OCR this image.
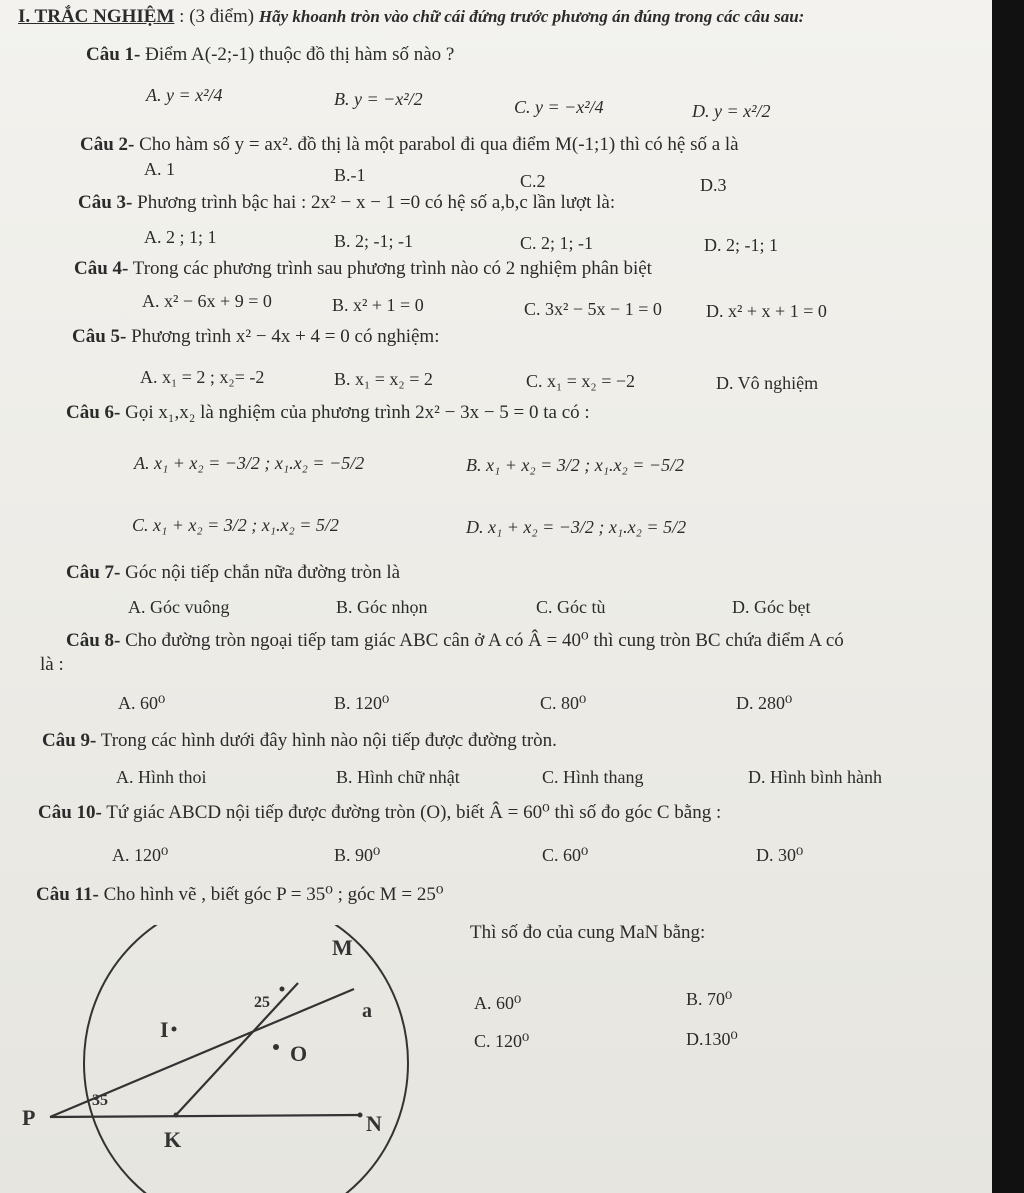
I. TRẮC NGHIỆM : (3 điểm) Hãy khoanh tròn vào chữ cái đứng trước phương án đúng trong các câu sau:
Câu 1- Điểm A(-2;-1) thuộc đồ thị hàm số nào ?
A. y = x²/4	B. y = −x²/2	C. y = −x²/4	D. y = x²/2
Câu 2- Cho hàm số y = ax². đồ thị là một parabol đi qua điểm M(-1;1) thì có hệ số a là
A. 1	B.-1	C.2	D.3
Câu 3- Phương trình bậc hai : 2x² − x − 1 =0 có hệ số a,b,c lần lượt là:
A. 2 ; 1; 1	B. 2; -1; -1	C. 2; 1; -1	D. 2; -1; 1
Câu 4- Trong các phương trình sau phương trình nào có 2 nghiệm phân biệt
A. x² − 6x + 9 = 0	B. x² + 1 = 0	C. 3x² − 5x − 1 = 0 D. x² + x + 1 = 0
Câu 5- Phương trình x² − 4x + 4 = 0 có nghiệm:
A. x₁ = 2 ; x₂= -2	B. x₁ = x₂ = 2	C. x₁ = x₂ = −2	D. Vô nghiệm
Câu 6- Gọi x₁,x₂ là nghiệm của phương trình 2x² − 3x − 5 = 0 ta có :
A. x₁ + x₂ = −3/2 ; x₁.x₂ = −5/2	B. x₁ + x₂ = 3/2 ; x₁.x₂ = −5/2
C. x₁ + x₂ = 3/2 ; x₁.x₂ = 5/2	D. x₁ + x₂ = −3/2 ; x₁.x₂ = 5/2
Câu 7- Góc nội tiếp chắn nữa đường tròn là
A. Góc vuông	B. Góc nhọn	C. Góc tù	D. Góc bẹt
Câu 8- Cho đường tròn ngoại tiếp tam giác ABC cân ở A có Â = 40⁰ thì cung tròn BC chứa điểm A có
là :
A. 60⁰	B. 120⁰	C. 80⁰	D. 280⁰
Câu 9- Trong các hình dưới đây hình nào nội tiếp được đường tròn.
A. Hình thoi	B. Hình chữ nhật	C. Hình thang	D. Hình bình hành
Câu 10- Tứ giác ABCD nội tiếp được đường tròn (O), biết Â = 60⁰ thì số đo góc C bằng :
A. 120⁰	B. 90⁰	C. 60⁰	D. 30⁰
Câu 11- Cho hình vẽ , biết góc P = 35⁰ ; góc M = 25⁰
Thì số đo của cung MaN bằng:
A. 60⁰	B. 70⁰
C. 120⁰	D.130⁰
M
a
I
O
P
K
N
25
35
